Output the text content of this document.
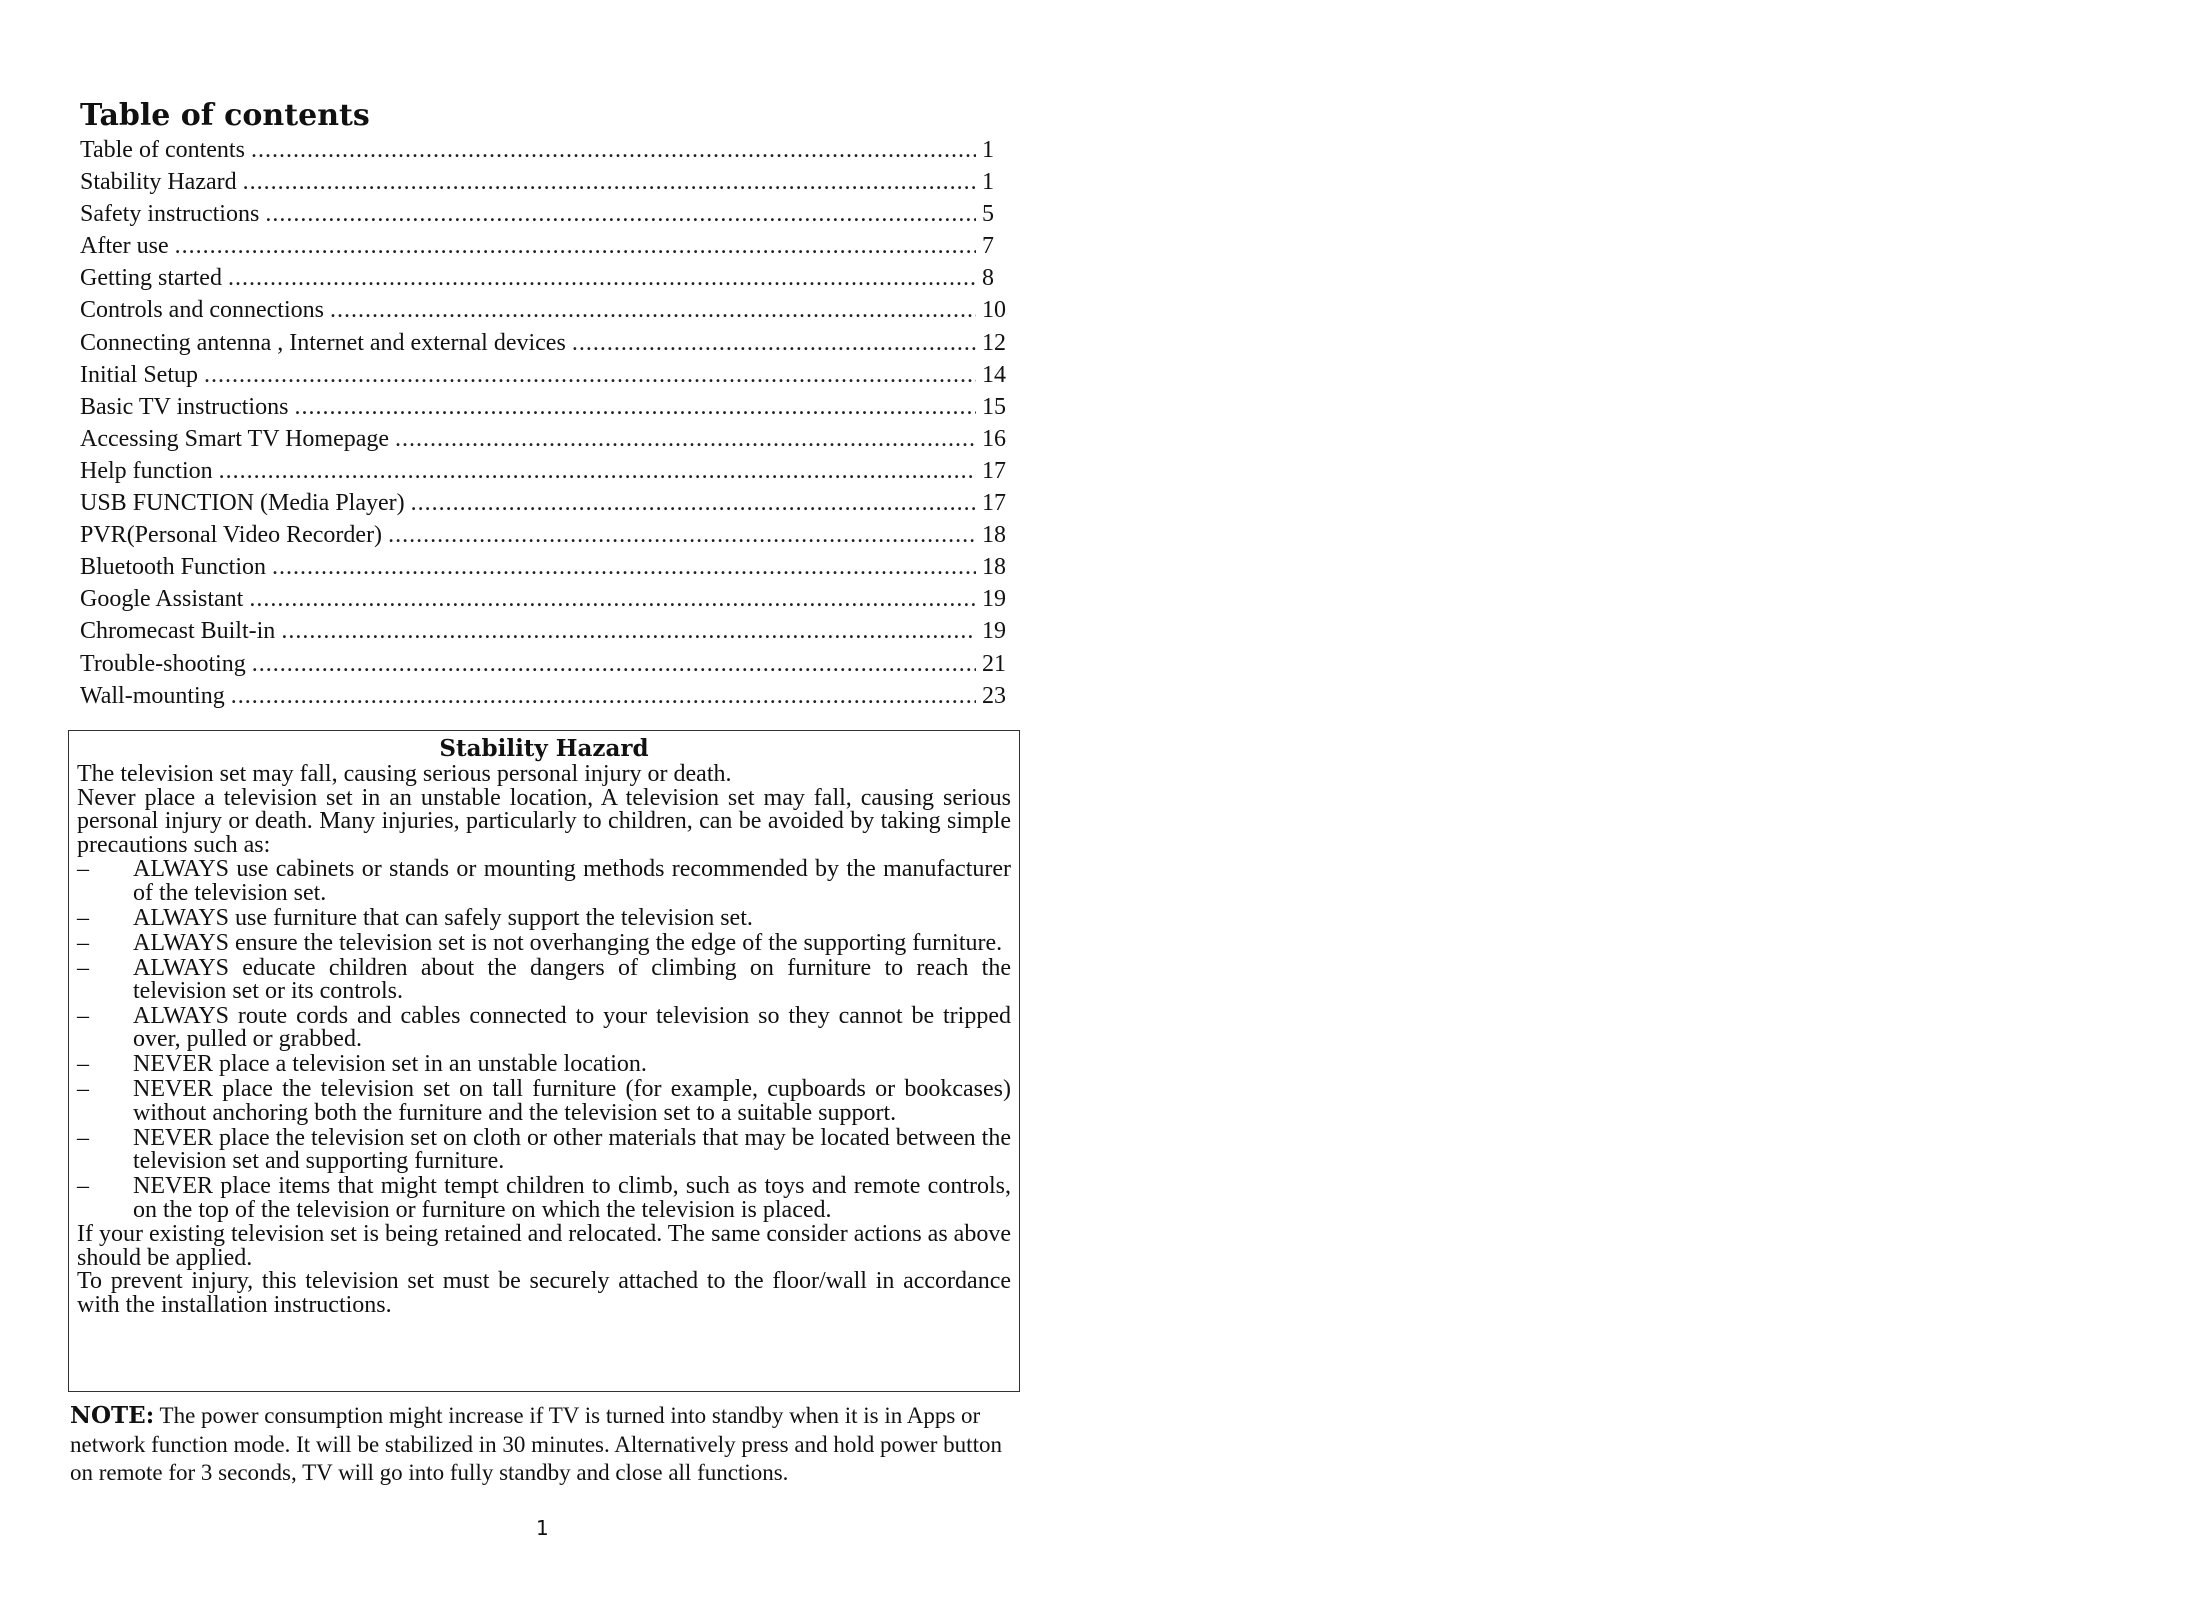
Table of contents
Table of contents .....	1
Stability Hazard .....	1
Safety instructions .....	5
After use .....	7
Getting started .....	8
Controls and connections .....	10
Connecting antenna , Internet and external devices .....	12
Initial Setup .....	14
Basic TV instructions .....	15
Accessing Smart TV Homepage .....	16
Help function .....	17
USB FUNCTION (Media Player) .....	17
PVR(Personal Video Recorder) .....	18
Bluetooth Function .....	18
Google Assistant .....	19
Chromecast Built-in .....	19
Trouble-shooting .....	21
Wall-mounting .....	23
Stability Hazard

The television set may fall, causing serious personal injury or death.

Never place a television set in an unstable location, A television set may fall, causing serious personal injury or death. Many injuries, particularly to children, can be avoided by taking simple precautions such as:

–	ALWAYS use cabinets or stands or mounting methods recommended by the manufacturer of the television set.
–	ALWAYS use furniture that can safely support the television set.
–	ALWAYS ensure the television set is not overhanging the edge of the supporting furniture.
–	ALWAYS educate children about the dangers of climbing on furniture to reach the television set or its controls.
–	ALWAYS route cords and cables connected to your television so they cannot be tripped over, pulled or grabbed.
–	NEVER place a television set in an unstable location.
–	NEVER place the television set on tall furniture (for example, cupboards or bookcases) without anchoring both the furniture and the television set to a suitable support.
–	NEVER place the television set on cloth or other materials that may be located between the television set and supporting furniture.
–	NEVER place items that might tempt children to climb, such as toys and remote controls, on the top of the television or furniture on which the television is placed.

If your existing television set is being retained and relocated. The same consider actions as above should be applied.

To prevent injury, this television set must be securely attached to the floor/wall in accordance with the installation instructions.

NOTE: The power consumption might increase if TV is turned into standby when it is in Apps or network function mode. It will be stabilized in 30 minutes. Alternatively press and hold power button on remote for 3 seconds, TV will go into fully standby and close all functions.
1
